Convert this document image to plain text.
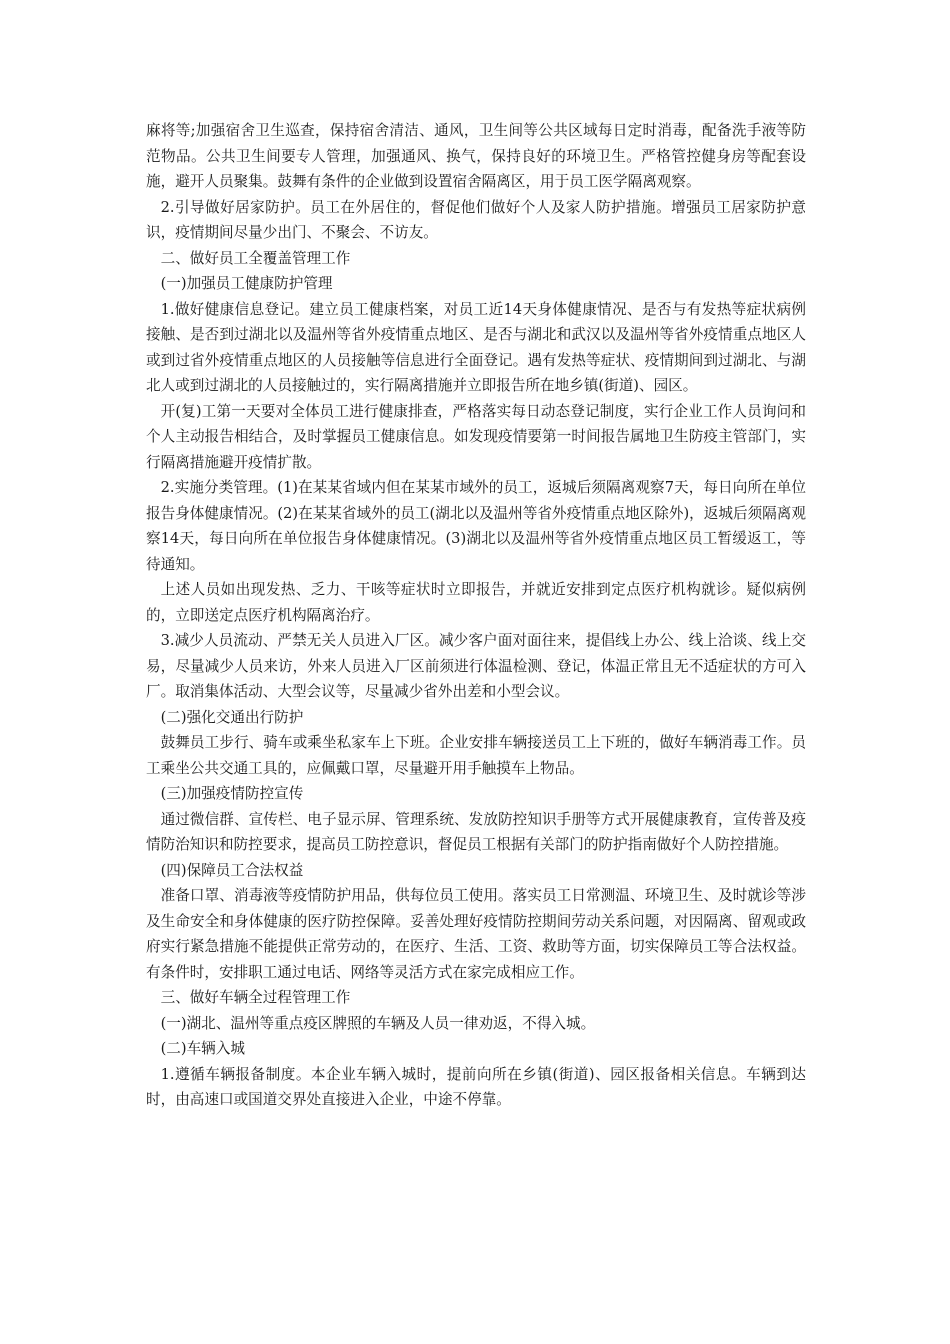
麻将等;加强宿舍卫生巡查，保持宿舍清洁、通风，卫生间等公共区域每日定时消毒，配备洗手液等防范物品。公共卫生间要专人管理，加强通风、换气，保持良好的环境卫生。严格管控健身房等配套设施，避开人员聚集。鼓舞有条件的企业做到设置宿舍隔离区，用于员工医学隔离观察。

2.引导做好居家防护。员工在外居住的，督促他们做好个人及家人防护措施。增强员工居家防护意识，疫情期间尽量少出门、不聚会、不访友。

二、做好员工全覆盖管理工作

(一)加强员工健康防护管理

1.做好健康信息登记。建立员工健康档案，对员工近14天身体健康情况、是否与有发热等症状病例接触、是否到过湖北以及温州等省外疫情重点地区、是否与湖北和武汉以及温州等省外疫情重点地区人或到过省外疫情重点地区的人员接触等信息进行全面登记。遇有发热等症状、疫情期间到过湖北、与湖北人或到过湖北的人员接触过的，实行隔离措施并立即报告所在地乡镇(街道)、园区。

开(复)工第一天要对全体员工进行健康排查，严格落实每日动态登记制度，实行企业工作人员询问和个人主动报告相结合，及时掌握员工健康信息。如发现疫情要第一时间报告属地卫生防疫主管部门，实行隔离措施避开疫情扩散。

2.实施分类管理。(1)在某某省域内但在某某市域外的员工，返城后须隔离观察7天，每日向所在单位报告身体健康情况。(2)在某某省域外的员工(湖北以及温州等省外疫情重点地区除外)，返城后须隔离观察14天，每日向所在单位报告身体健康情况。(3)湖北以及温州等省外疫情重点地区员工暂缓返工，等待通知。

上述人员如出现发热、乏力、干咳等症状时立即报告，并就近安排到定点医疗机构就诊。疑似病例的，立即送定点医疗机构隔离治疗。

3.减少人员流动、严禁无关人员进入厂区。减少客户面对面往来，提倡线上办公、线上洽谈、线上交易，尽量减少人员来访，外来人员进入厂区前须进行体温检测、登记，体温正常且无不适症状的方可入厂。取消集体活动、大型会议等，尽量减少省外出差和小型会议。

(二)强化交通出行防护

鼓舞员工步行、骑车或乘坐私家车上下班。企业安排车辆接送员工上下班的，做好车辆消毒工作。员工乘坐公共交通工具的，应佩戴口罩，尽量避开用手触摸车上物品。

(三)加强疫情防控宣传

通过微信群、宣传栏、电子显示屏、管理系统、发放防控知识手册等方式开展健康教育，宣传普及疫情防治知识和防控要求，提高员工防控意识，督促员工根据有关部门的防护指南做好个人防控措施。

(四)保障员工合法权益

准备口罩、消毒液等疫情防护用品，供每位员工使用。落实员工日常测温、环境卫生、及时就诊等涉及生命安全和身体健康的医疗防控保障。妥善处理好疫情防控期间劳动关系问题，对因隔离、留观或政府实行紧急措施不能提供正常劳动的，在医疗、生活、工资、救助等方面，切实保障员工等合法权益。有条件时，安排职工通过电话、网络等灵活方式在家完成相应工作。

三、做好车辆全过程管理工作

(一)湖北、温州等重点疫区牌照的车辆及人员一律劝返，不得入城。

(二)车辆入城

1.遵循车辆报备制度。本企业车辆入城时，提前向所在乡镇(街道)、园区报备相关信息。车辆到达时，由高速口或国道交界处直接进入企业，中途不停靠。
